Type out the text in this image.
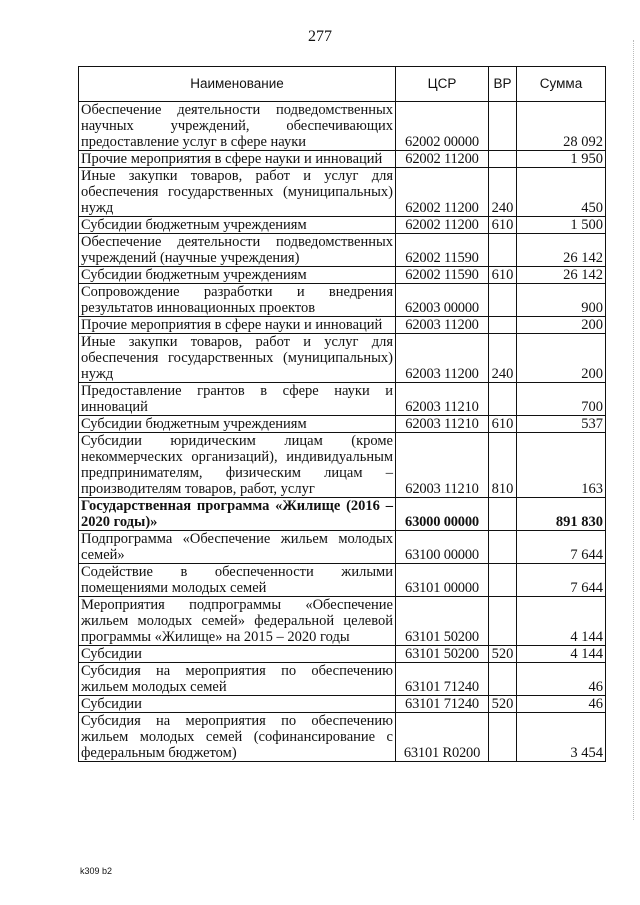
277
Наименование	ЦСР	ВР	Сумма
Обеспечение деятельности подведомственных научных учреждений, обеспечивающих предоставление услуг в сфере науки	62002 00000		28 092
Прочие мероприятия в сфере науки и инноваций	62002 11200		1 950
Иные закупки товаров, работ и услуг для обеспечения государственных (муниципальных) нужд	62002 11200	240	450
Субсидии бюджетным учреждениям	62002 11200	610	1 500
Обеспечение деятельности подведомственных учреждений (научные учреждения)	62002 11590		26 142
Субсидии бюджетным учреждениям	62002 11590	610	26 142
Сопровождение разработки и внедрения результатов инновационных проектов	62003 00000		900
Прочие мероприятия в сфере науки и инноваций	62003 11200		200
Иные закупки товаров, работ и услуг для обеспечения государственных (муниципальных) нужд	62003 11200	240	200
Предоставление грантов в сфере науки и инноваций	62003 11210		700
Субсидии бюджетным учреждениям	62003 11210	610	537
Субсидии юридическим лицам (кроме некоммерческих организаций), индивидуальным предпринимателям, физическим лицам – производителям товаров, работ, услуг	62003 11210	810	163
Государственная программа «Жилище (2016 – 2020 годы)»	63000 00000		891 830
Подпрограмма «Обеспечение жильем молодых семей»	63100 00000		7 644
Содействие в обеспеченности жилыми помещениями молодых семей	63101 00000		7 644
Мероприятия подпрограммы «Обеспечение жильем молодых семей» федеральной целевой программы «Жилище» на 2015 – 2020 годы	63101 50200		4 144
Субсидии	63101 50200	520	4 144
Субсидия на мероприятия по обеспечению жильем молодых семей	63101 71240		46
Субсидии	63101 71240	520	46
Субсидия на мероприятия по обеспечению жильем молодых семей (софинансирование с федеральным бюджетом)	63101 R0200		3 454
k309 b2
